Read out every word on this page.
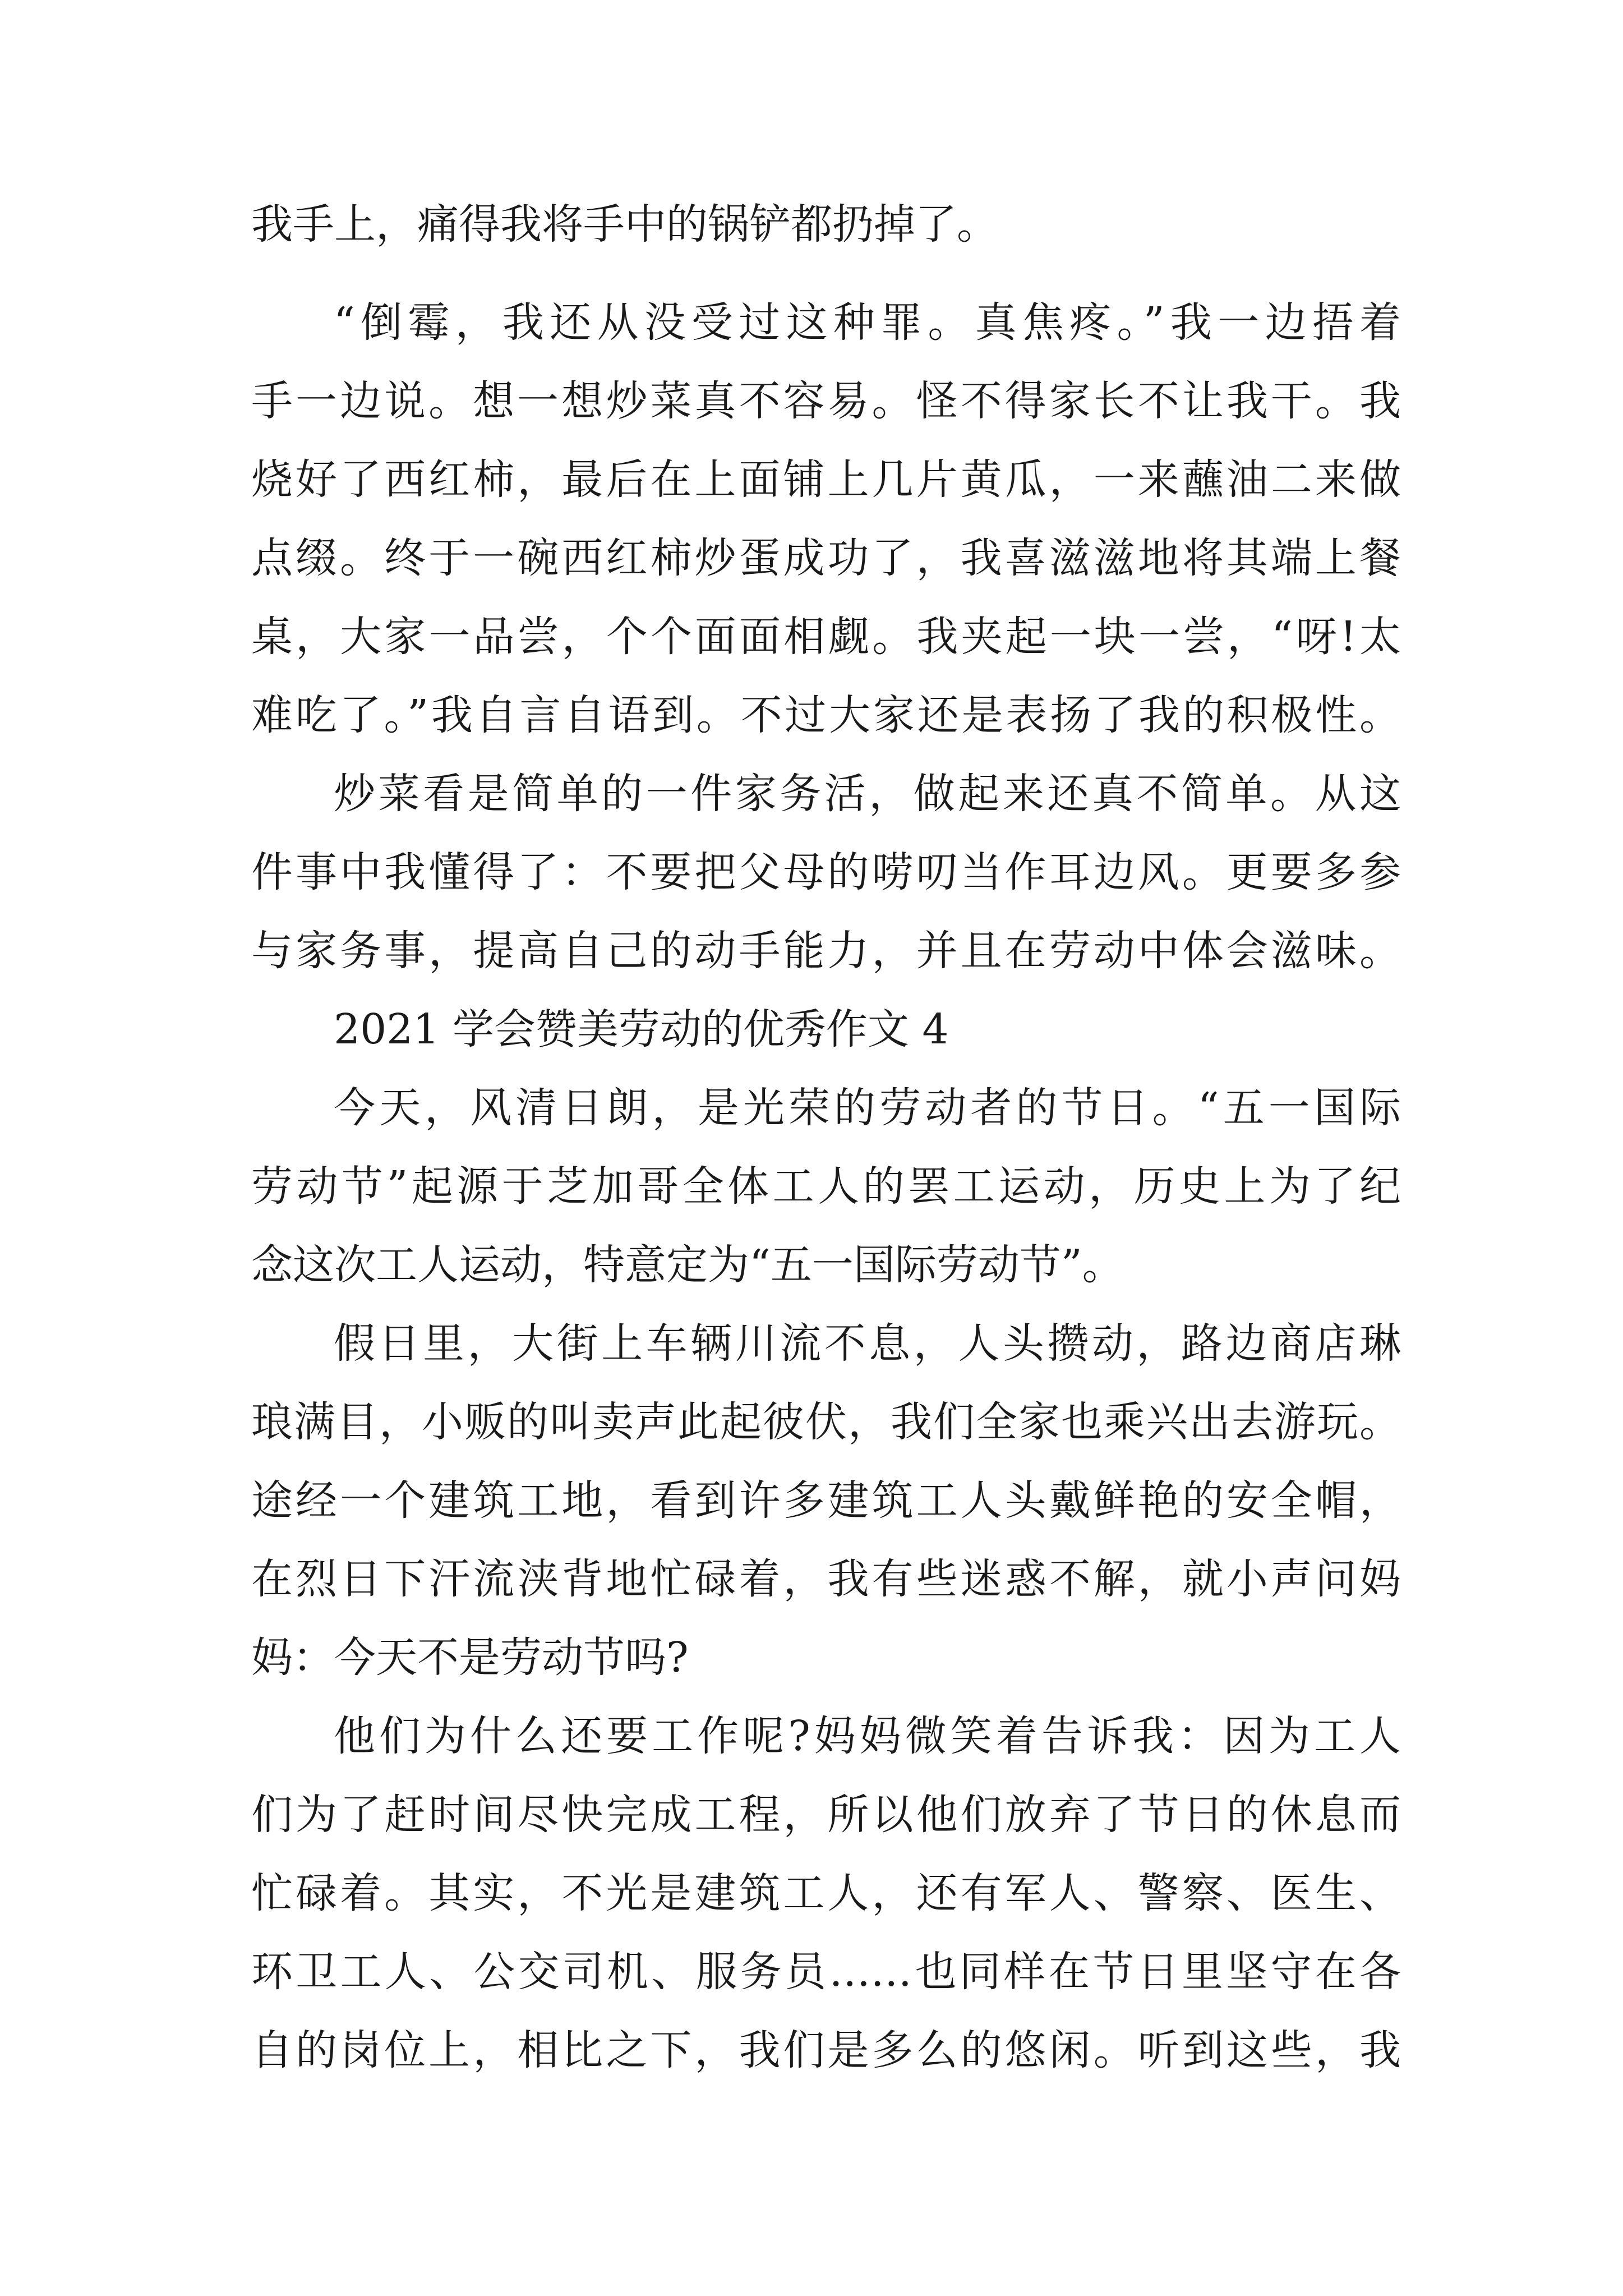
我手上，痛得我将手中的锅铲都扔掉了。
“倒霉，我还从没受过这种罪。真焦疼。”我一边捂着
手一边说。想一想炒菜真不容易。怪不得家长不让我干。我
烧好了西红柿，最后在上面铺上几片黄瓜，一来蘸油二来做
点缀。终于一碗西红柿炒蛋成功了，我喜滋滋地将其端上餐
桌，大家一品尝，个个面面相觑。我夹起一块一尝，“呀!太
难吃了。”我自言自语到。不过大家还是表扬了我的积极性。
炒菜看是简单的一件家务活，做起来还真不简单。从这
件事中我懂得了：不要把父母的唠叨当作耳边风。更要多参
与家务事，提高自己的动手能力，并且在劳动中体会滋味。
2021 学会赞美劳动的优秀作文 4
今天，风清日朗，是光荣的劳动者的节日。“五一国际
劳动节”起源于芝加哥全体工人的罢工运动，历史上为了纪
念这次工人运动，特意定为“五一国际劳动节”。
假日里，大街上车辆川流不息，人头攒动，路边商店琳
琅满目，小贩的叫卖声此起彼伏，我们全家也乘兴出去游玩。
途经一个建筑工地，看到许多建筑工人头戴鲜艳的安全帽，
在烈日下汗流浃背地忙碌着，我有些迷惑不解，就小声问妈
妈：今天不是劳动节吗?
他们为什么还要工作呢?妈妈微笑着告诉我：因为工人
们为了赶时间尽快完成工程，所以他们放弃了节日的休息而
忙碌着。其实，不光是建筑工人，还有军人、警察、医生、
环卫工人、公交司机、服务员……也同样在节日里坚守在各
自的岗位上，相比之下，我们是多么的悠闲。听到这些，我
